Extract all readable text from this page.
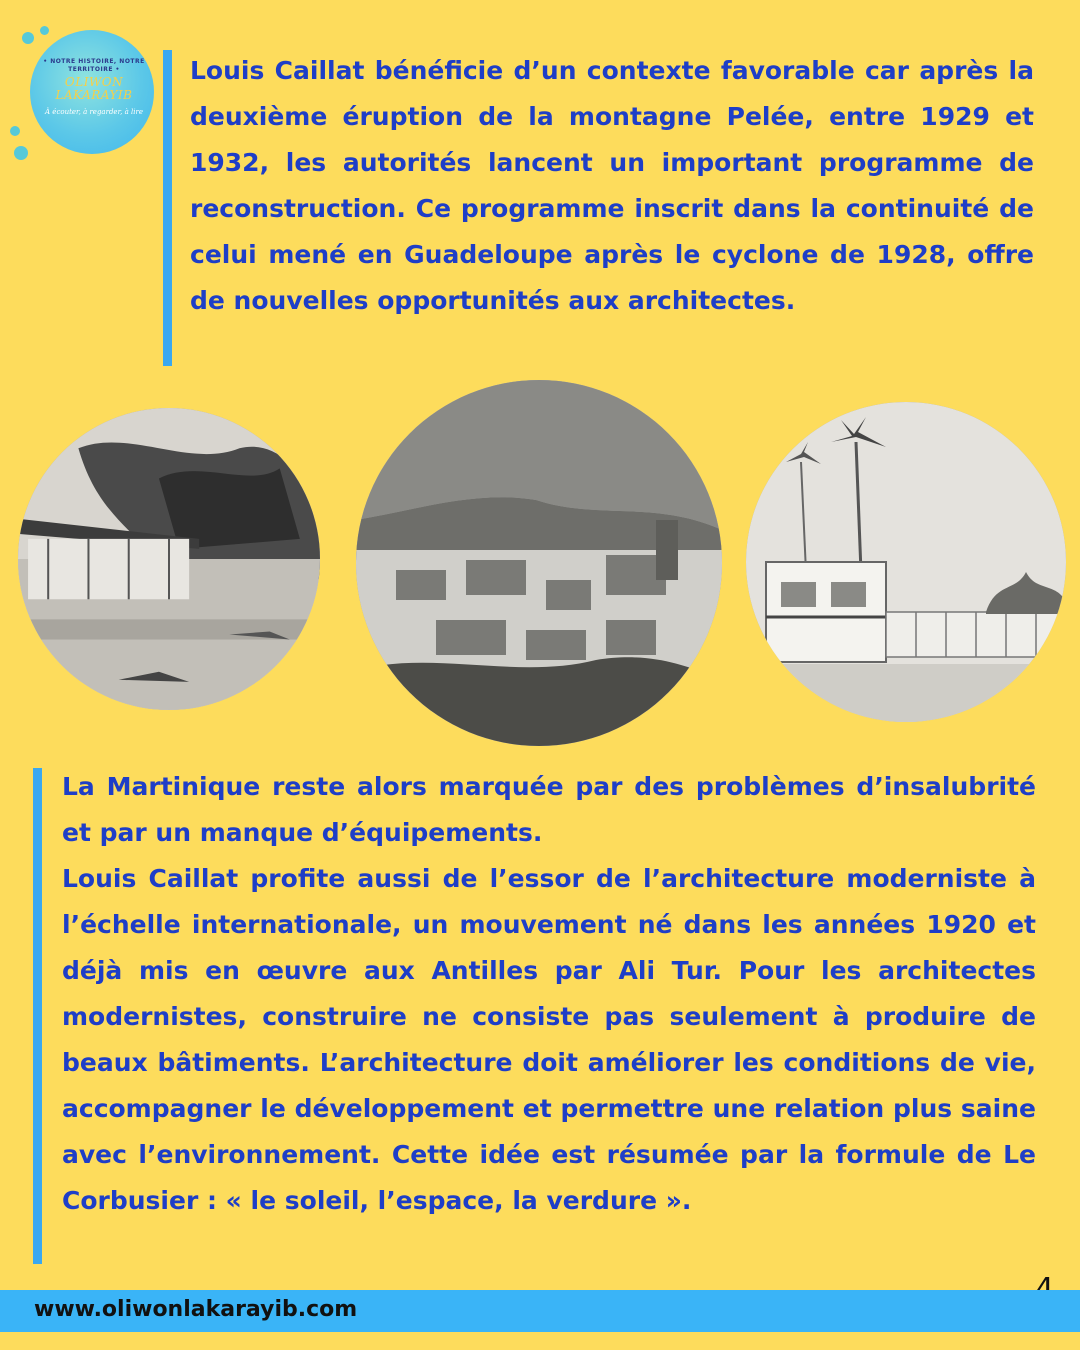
• NOTRE HISTOIRE, NOTRE TERRITOIRE •
OLIWON LAKARAYIB
À écouter, à regarder, à lire

Louis Caillat bénéficie d’un contexte favorable car après la deuxième éruption de la montagne Pelée, entre 1929 et 1932, les autorités lancent un important programme de reconstruction. Ce programme inscrit dans la continuité de celui mené en Guadeloupe après le cyclone de 1928, offre de nouvelles opportunités aux architectes.

La Martinique reste alors marquée par des problèmes d’insalubrité et par un manque d’équipements.

Louis Caillat profite aussi de l’essor de l’architecture moderniste à l’échelle internationale, un mouvement né dans les années 1920 et déjà mis en œuvre aux Antilles par Ali Tur. Pour les architectes modernistes, construire ne consiste pas seulement à produire de beaux bâtiments. L’architecture doit améliorer les conditions de vie, accompagner le développement et permettre une relation plus saine avec l’environnement. Cette idée est résumée par la formule de Le Corbusier : « le soleil, l’espace, la verdure ».

www.oliwonlakarayib.com
